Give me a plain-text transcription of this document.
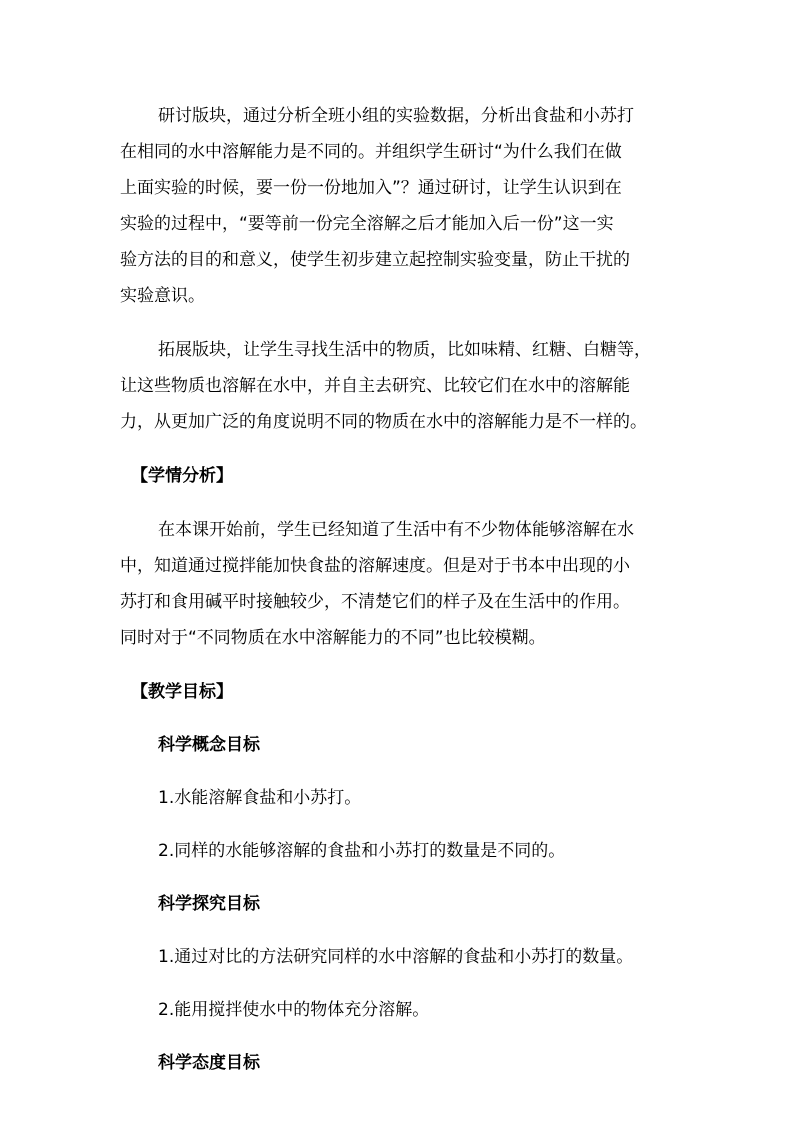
研讨版块，通过分析全班小组的实验数据，分析出食盐和小苏打

在相同的水中溶解能力是不同的。并组织学生研讨“为什么我们在做

上面实验的时候，要一份一份地加入”？通过研讨，让学生认识到在

实验的过程中，“要等前一份完全溶解之后才能加入后一份”这一实

验方法的目的和意义，使学生初步建立起控制实验变量，防止干扰的

实验意识。

拓展版块，让学生寻找生活中的物质，比如味精、红糖、白糖等，

让这些物质也溶解在水中，并自主去研究、比较它们在水中的溶解能

力，从更加广泛的角度说明不同的物质在水中的溶解能力是不一样的。

【学情分析】

在本课开始前，学生已经知道了生活中有不少物体能够溶解在水

中，知道通过搅拌能加快食盐的溶解速度。但是对于书本中出现的小

苏打和食用碱平时接触较少，不清楚它们的样子及在生活中的作用。

同时对于“不同物质在水中溶解能力的不同”也比较模糊。

【教学目标】

科学概念目标

1.水能溶解食盐和小苏打。

2.同样的水能够溶解的食盐和小苏打的数量是不同的。

科学探究目标

1.通过对比的方法研究同样的水中溶解的食盐和小苏打的数量。

2.能用搅拌使水中的物体充分溶解。

科学态度目标
